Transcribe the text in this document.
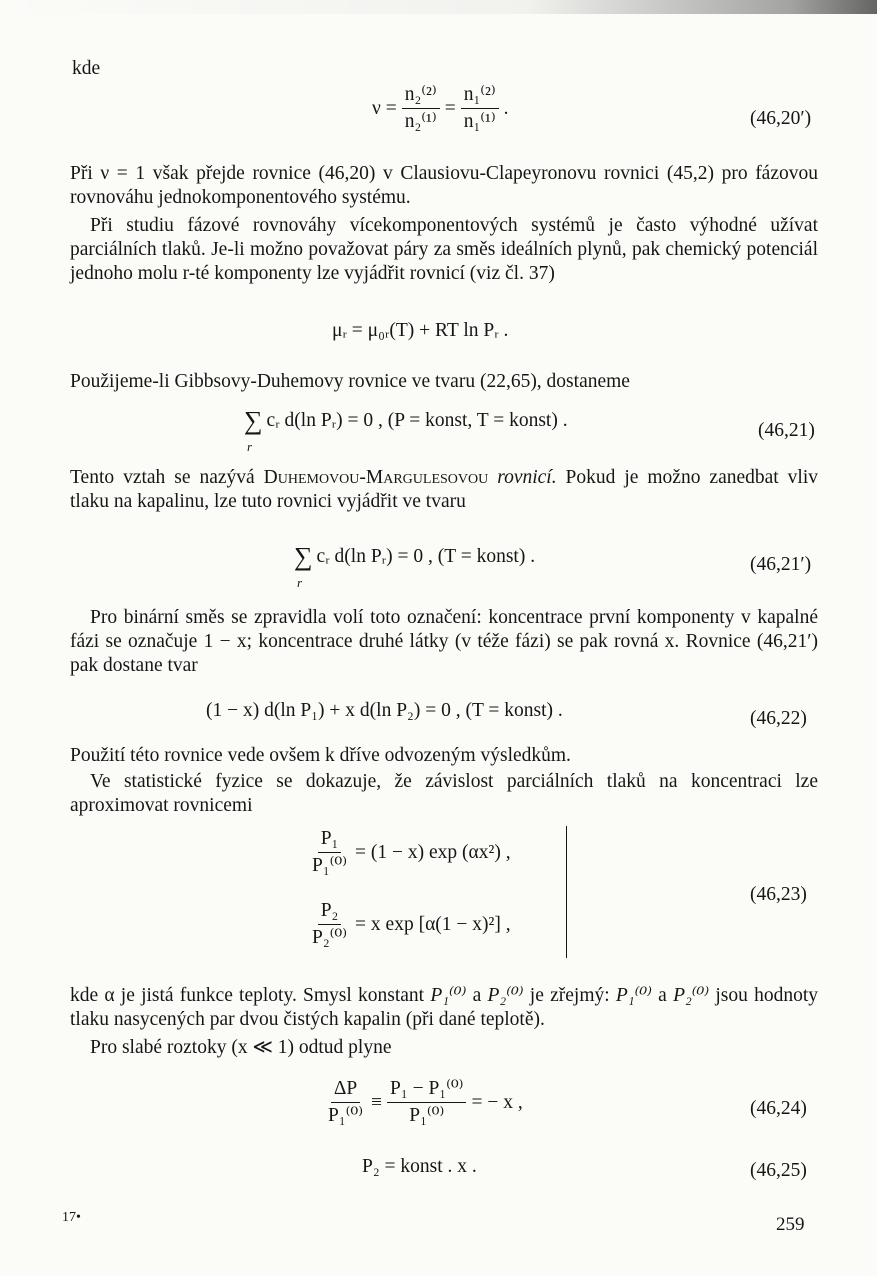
kde
$\nu = \frac{\text{n₂⁽²⁾}}{\text{n₂⁽¹⁾}} = \frac{\text{n₁⁽²⁾}}{\text{n₁⁽¹⁾}}$ .	(46,20′)
Při ν = 1 však přejde rovnice (46,20) v Clausiovu-Clapeyronovu rovnici (45,2) pro fázovou rovnováhu jednokomponentového systému.
Při studiu fázové rovnováhy vícekomponentových systémů je často výhodné užívat parciálních tlaků. Je-li možno považovat páry za směs ideálních plynů, pak chemický potenciál jednoho molu r-té komponenty lze vyjádřit rovnicí (viz čl. 37)
μᵣ = μ₀ᵣ(T) + RT ln Pᵣ .
Použijeme-li Gibbsovy-Duhemovy rovnice ve tvaru (22,65), dostaneme
∑
r
cᵣ d(ln Pᵣ) = 0 , (P = konst, T = konst) .	(46,21)
Tento vztah se nazývá Duhemovou-Margulesovou rovnicí. Pokud je možno zanedbat vliv tlaku na kapalinu, lze tuto rovnici vyjádřit ve tvaru
∑
r
cᵣ d(ln Pᵣ) = 0 , (T = konst) .	(46,21′)
Pro binární směs se zpravidla volí toto označení: koncentrace první komponenty v kapalné fázi se označuje 1 − x; koncentrace druhé látky (v téže fázi) se pak rovná x. Rovnice (46,21′) pak dostane tvar
(1 − x) d(ln P₁) + x d(ln P₂) = 0 , (T = konst) .	(46,22)
Použití této rovnice vede ovšem k dříve odvozeným výsledkům.
Ve statistické fyzice se dokazuje, že závislost parciálních tlaků na koncentraci lze aproximovat rovnicemi
$\frac{\text{P₁}}{\text{P₁⁽⁰⁾}} = (1 - x)$ exp (αx²) ,
$\frac{\text{P₂}}{\text{P₂⁽⁰⁾}} = x$ exp [α(1 − x)²] ,
(46,23)
kde α je jistá funkce teploty. Smysl konstant P₁⁽⁰⁾ a P₂⁽⁰⁾ je zřejmý: P₁⁽⁰⁾ a P₂⁽⁰⁾ jsou hodnoty tlaku nasycených par dvou čistých kapalin (při dané teplotě).
Pro slabé roztoky (x ≪ 1) odtud plyne
$\frac{\Delta P}{\text{P₁⁽⁰⁾}} \equiv \frac{\text{P₁ − P₁⁽⁰⁾}}{\text{P₁⁽⁰⁾}}$ = − x ,	(46,24)
P₂ = konst . x .	(46,25)
17•	259
